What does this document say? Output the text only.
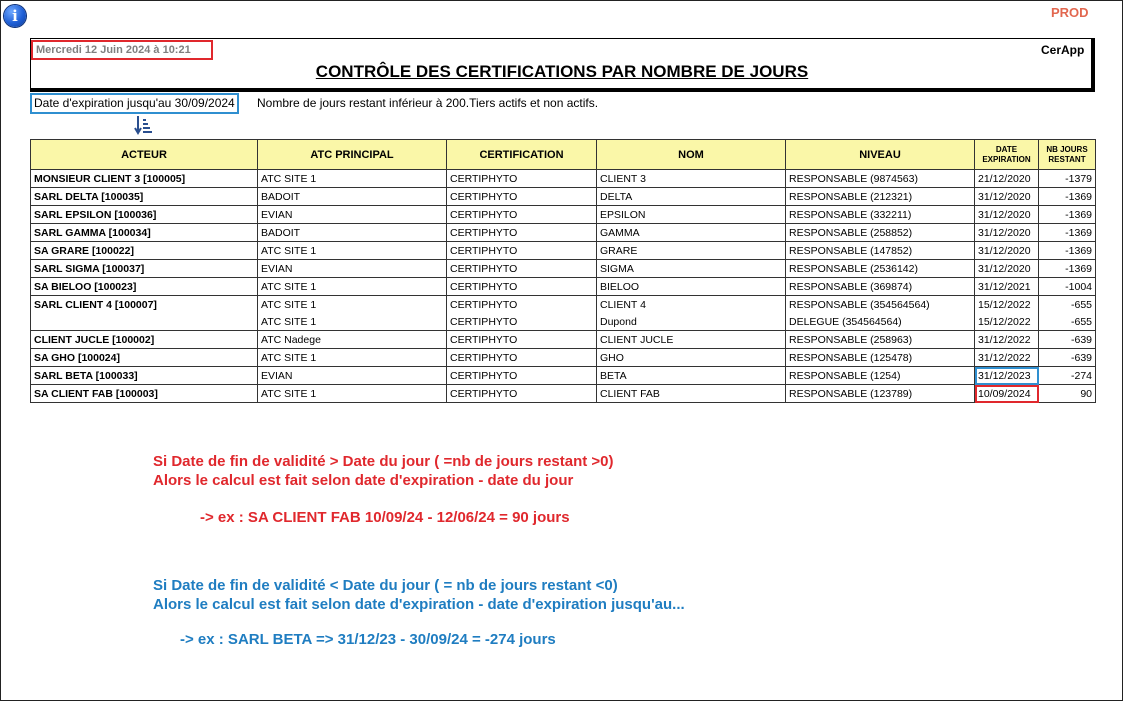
i	PROD
Mercredi 12 Juin 2024 à 10:21	CerApp
CONTRÔLE DES CERTIFICATIONS PAR NOMBRE DE JOURS
Date d'expiration jusqu'au 30/09/2024	Nombre de jours restant inférieur à 200.Tiers actifs et non actifs.
ACTEUR	ATC PRINCIPAL	CERTIFICATION	NOM	NIVEAU	DATE EXPIRATION	NB JOURS RESTANT
MONSIEUR CLIENT 3 [100005]	ATC SITE 1	CERTIPHYTO	CLIENT 3	RESPONSABLE (9874563)	21/12/2020	-1379
SARL DELTA [100035]	BADOIT	CERTIPHYTO	DELTA	RESPONSABLE (212321)	31/12/2020	-1369
SARL EPSILON [100036]	EVIAN	CERTIPHYTO	EPSILON	RESPONSABLE (332211)	31/12/2020	-1369
SARL GAMMA [100034]	BADOIT	CERTIPHYTO	GAMMA	RESPONSABLE (258852)	31/12/2020	-1369
SA GRARE [100022]	ATC SITE 1	CERTIPHYTO	GRARE	RESPONSABLE (147852)	31/12/2020	-1369
SARL SIGMA [100037]	EVIAN	CERTIPHYTO	SIGMA	RESPONSABLE (2536142)	31/12/2020	-1369
SA BIELOO [100023]	ATC SITE 1	CERTIPHYTO	BIELOO	RESPONSABLE (369874)	31/12/2021	-1004
SARL CLIENT 4 [100007]	ATC SITE 1	CERTIPHYTO	CLIENT 4	RESPONSABLE (354564564)	15/12/2022	-655
	ATC SITE 1	CERTIPHYTO	Dupond	DELEGUE (354564564)	15/12/2022	-655
CLIENT JUCLE [100002]	ATC Nadege	CERTIPHYTO	CLIENT JUCLE	RESPONSABLE (258963)	31/12/2022	-639
SA GHO [100024]	ATC SITE 1	CERTIPHYTO	GHO	RESPONSABLE (125478)	31/12/2022	-639
SARL BETA [100033]	EVIAN	CERTIPHYTO	BETA	RESPONSABLE (1254)	31/12/2023	-274
SA CLIENT FAB [100003]	ATC SITE 1	CERTIPHYTO	CLIENT FAB	RESPONSABLE (123789)	10/09/2024	90
Si Date de fin de validité > Date du jour ( =nb de jours restant >0)
Alors le calcul est fait selon date d'expiration - date du jour
-> ex : SA CLIENT FAB 10/09/24 - 12/06/24 = 90 jours
Si Date de fin de validité < Date du jour ( = nb de jours restant <0)
Alors le calcul est fait selon date d'expiration - date d'expiration jusqu'au...
-> ex : SARL BETA => 31/12/23 - 30/09/24 = -274 jours
